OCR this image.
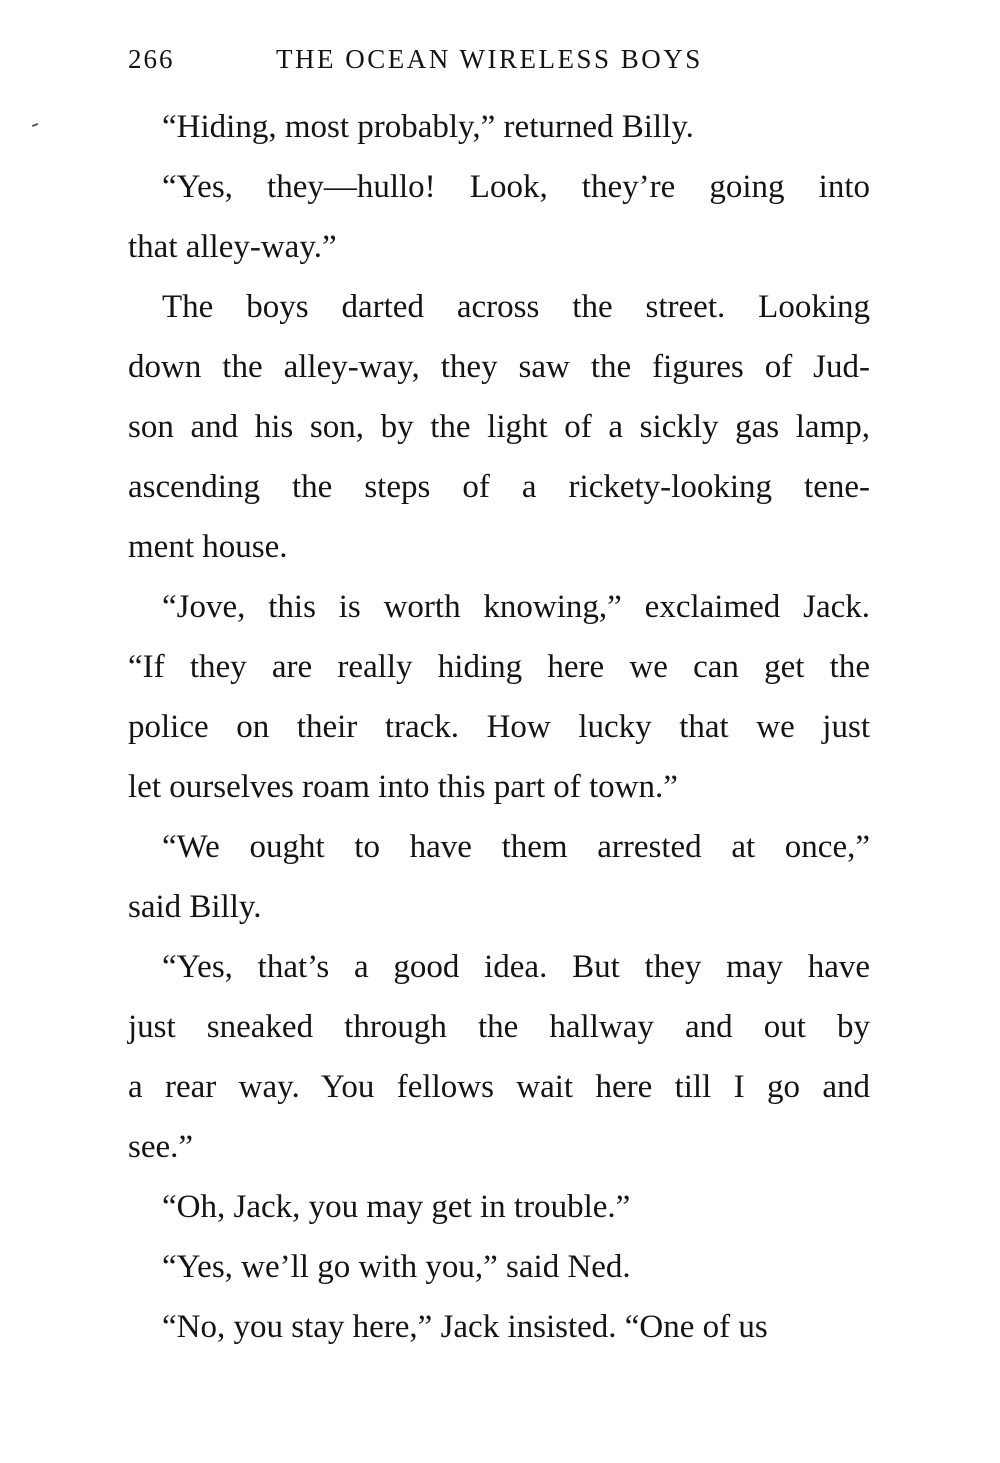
266	THE OCEAN WIRELESS BOYS
“Hiding, most probably,” returned Billy.
“Yes, they—hullo! Look, they’re going into
that alley-way.”
The boys darted across the street. Looking
down the alley-way, they saw the figures of Jud-
son and his son, by the light of a sickly gas lamp,
ascending the steps of a rickety-looking tene-
ment house.
“Jove, this is worth knowing,” exclaimed Jack.
“If they are really hiding here we can get the
police on their track. How lucky that we just
let ourselves roam into this part of town.”
“We ought to have them arrested at once,”
said Billy.
“Yes, that’s a good idea. But they may have
just sneaked through the hallway and out by
a rear way. You fellows wait here till I go and
see.”
“Oh, Jack, you may get in trouble.”
“Yes, we’ll go with you,” said Ned.
“No, you stay here,” Jack insisted. “One of us
